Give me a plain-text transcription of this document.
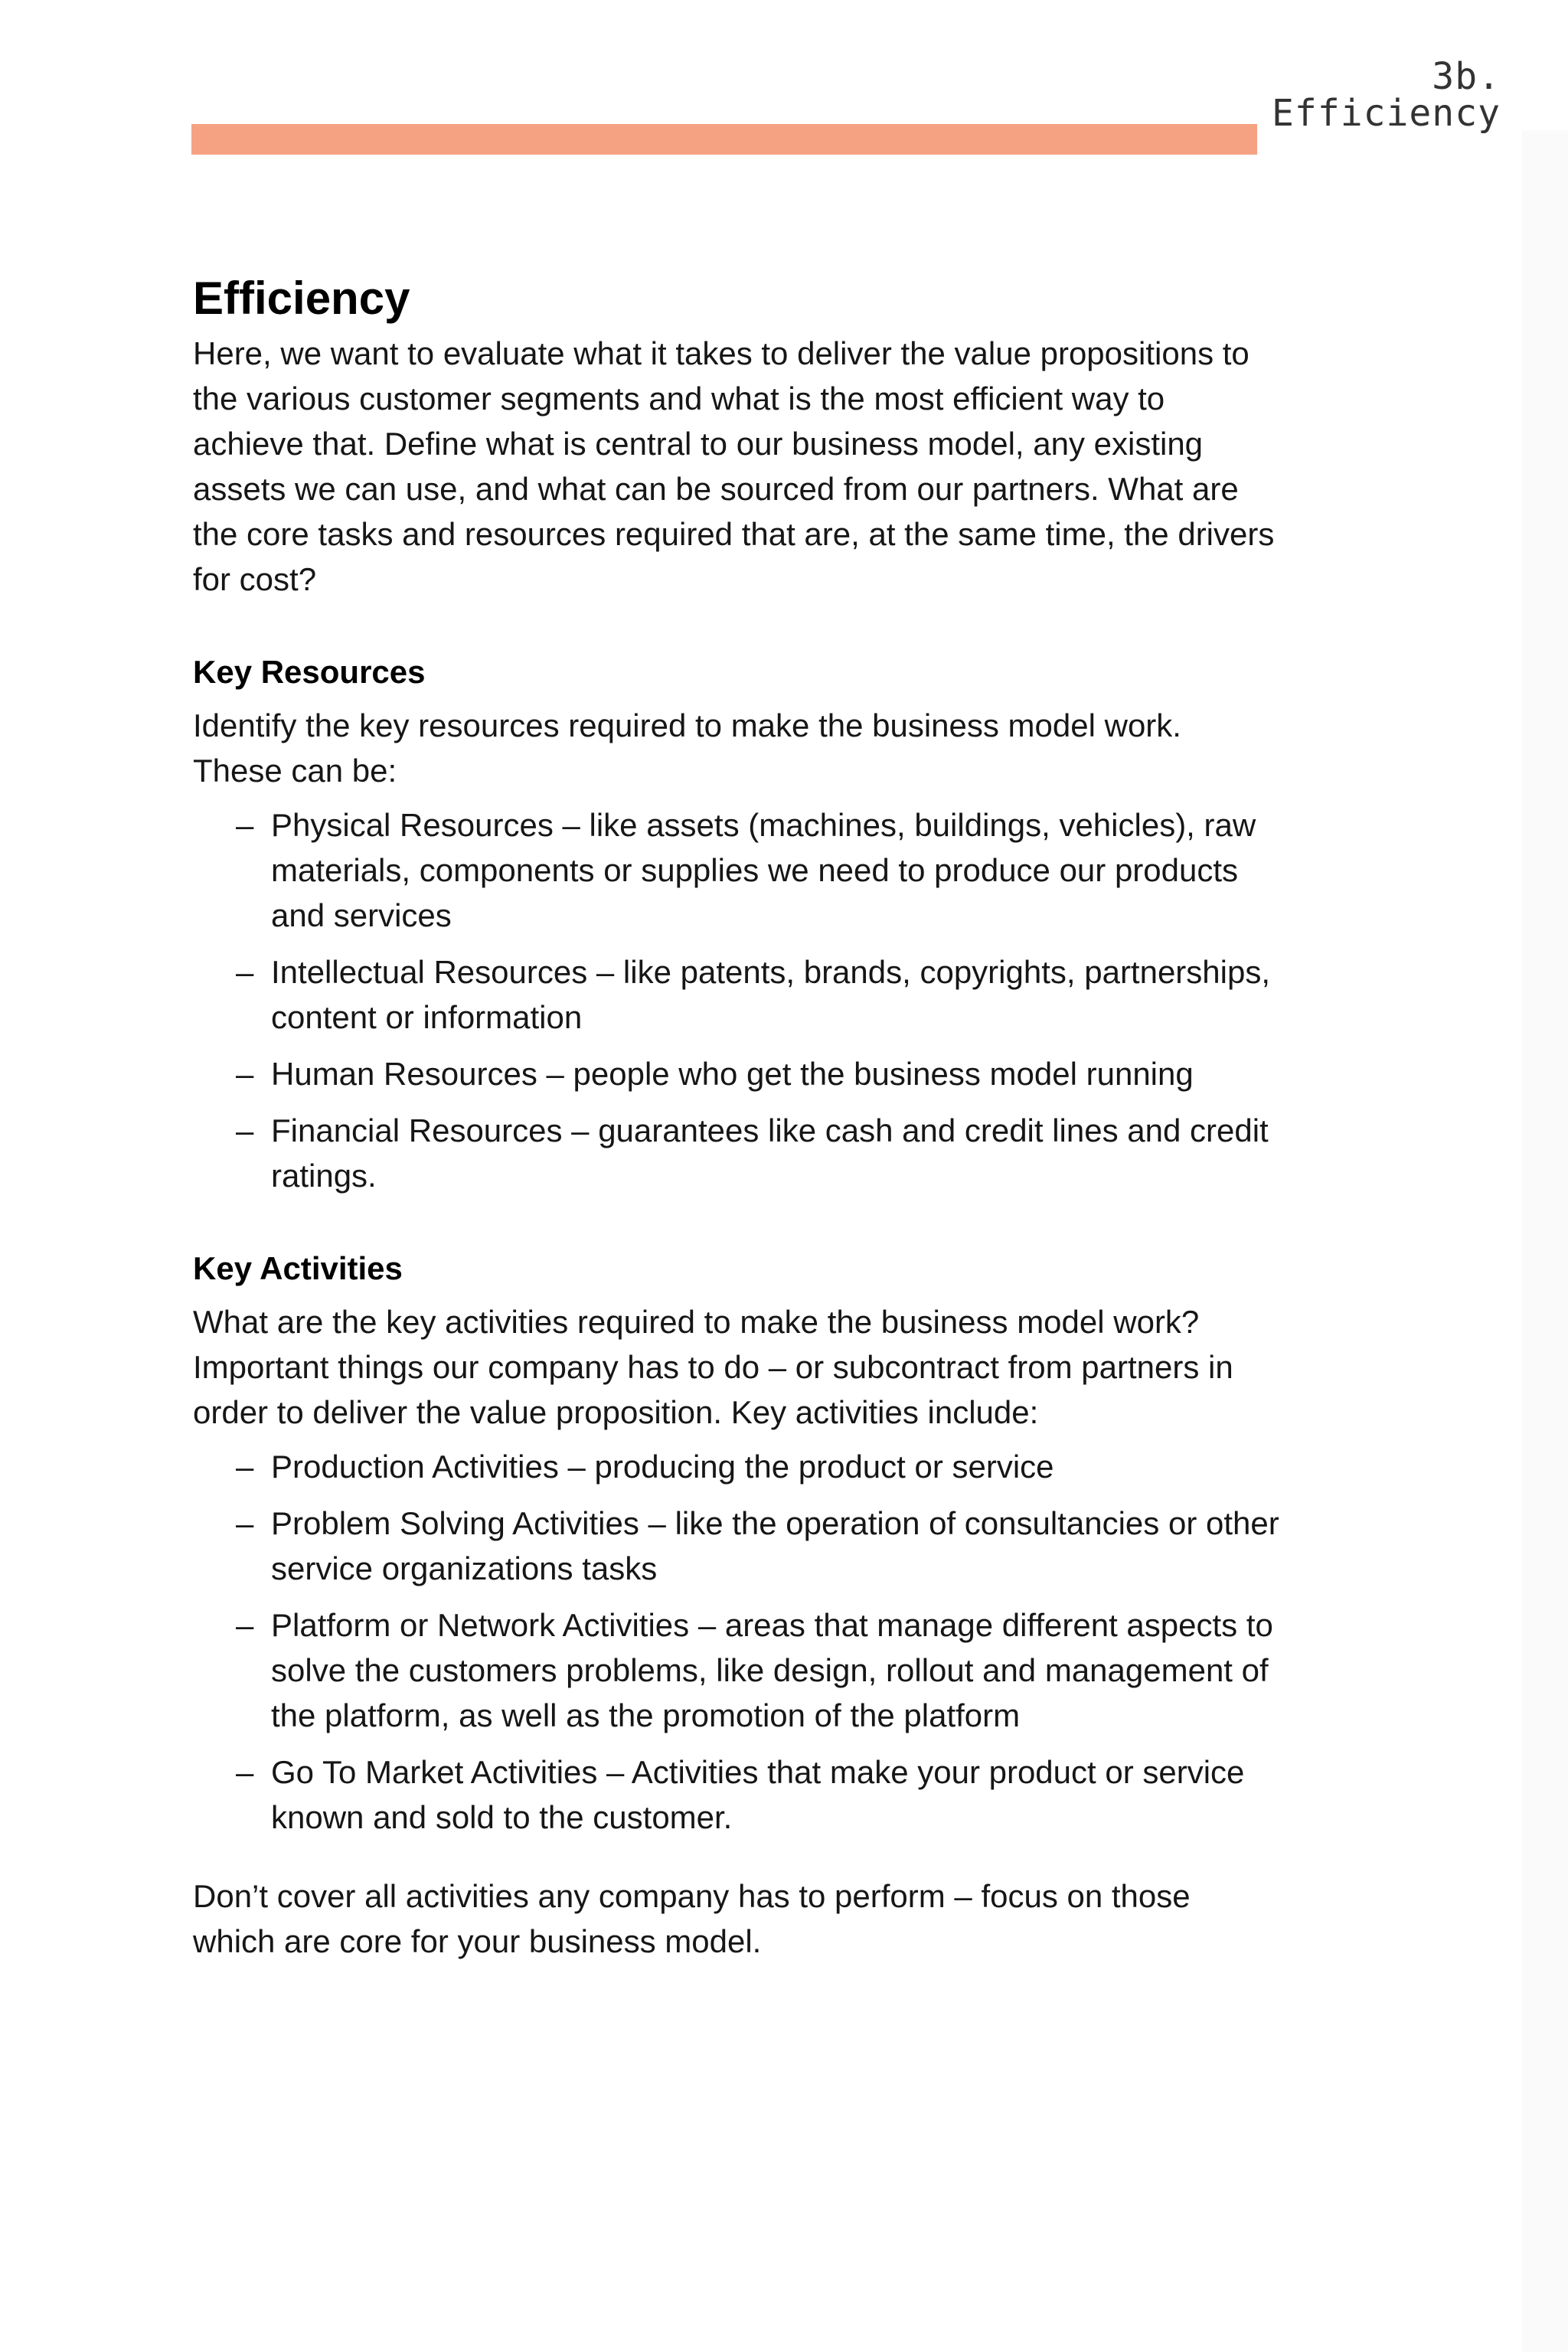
3b. Efficiency
Efficiency

Here, we want to evaluate what it takes to deliver the value propositions to the various customer segments and what is the most efficient way to achieve that. Define what is central to our business model, any existing assets we can use, and what can be sourced from our partners. What are the core tasks and resources required that are, at the same time, the drivers for cost?

Key Resources

Identify the key resources required to make the business model work. These can be:

– Physical Resources – like assets (machines, buildings, vehicles), raw materials, components or supplies we need to produce our products and services
– Intellectual Resources – like patents, brands, copyrights, partnerships, content or information
– Human Resources – people who get the business model running
– Financial Resources – guarantees like cash and credit lines and credit ratings.
Key Activities

What are the key activities required to make the business model work? Important things our company has to do – or subcontract from partners in order to deliver the value proposition. Key activities include:

– Production Activities – producing the product or service
– Problem Solving Activities – like the operation of consultancies or other service organizations tasks
– Platform or Network Activities – areas that manage different aspects to solve the customers problems, like design, rollout and management of the platform, as well as the promotion of the platform
– Go To Market Activities – Activities that make your product or service known and sold to the customer.

Don’t cover all activities any company has to perform – focus on those which are core for your business model.
